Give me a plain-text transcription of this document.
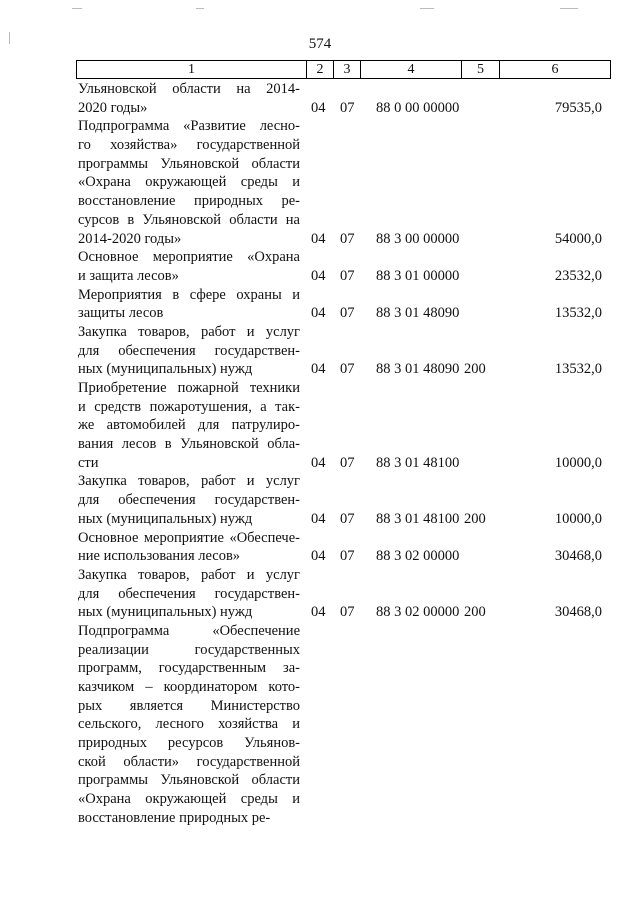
574
1	2	3	4	5	6
Ульяновской области на 2014-
2020 годы»	04 07 88 0 00 00000	79535,0
Подпрограмма «Развитие лесно-
го хозяйства» государственной
программы Ульяновской области
«Охрана окружающей среды и
восстановление природных ре-
сурсов в Ульяновской области на
2014-2020 годы»	04 07 88 3 00 00000	54000,0
Основное мероприятие «Охрана
и защита лесов»	04 07 88 3 01 00000	23532,0
Мероприятия в сфере охраны и
защиты лесов	04 07 88 3 01 48090	13532,0
Закупка товаров, работ и услуг
для обеспечения государствен-
ных (муниципальных) нужд	04 07 88 3 01 48090 200	13532,0
Приобретение пожарной техники
и средств пожаротушения, а так-
же автомобилей для патрулиро-
вания лесов в Ульяновской обла-
сти	04 07 88 3 01 48100	10000,0
Закупка товаров, работ и услуг
для обеспечения государствен-
ных (муниципальных) нужд	04 07 88 3 01 48100 200	10000,0
Основное мероприятие «Обеспече-
ние использования лесов»	04 07 88 3 02 00000	30468,0
Закупка товаров, работ и услуг
для обеспечения государствен-
ных (муниципальных) нужд	04 07 88 3 02 00000 200	30468,0
Подпрограмма «Обеспечение
реализации государственных
программ, государственным за-
казчиком – координатором кото-
рых является Министерство
сельского, лесного хозяйства и
природных ресурсов Ульянов-
ской области» государственной
программы Ульяновской области
«Охрана окружающей среды и
восстановление природных ре-
